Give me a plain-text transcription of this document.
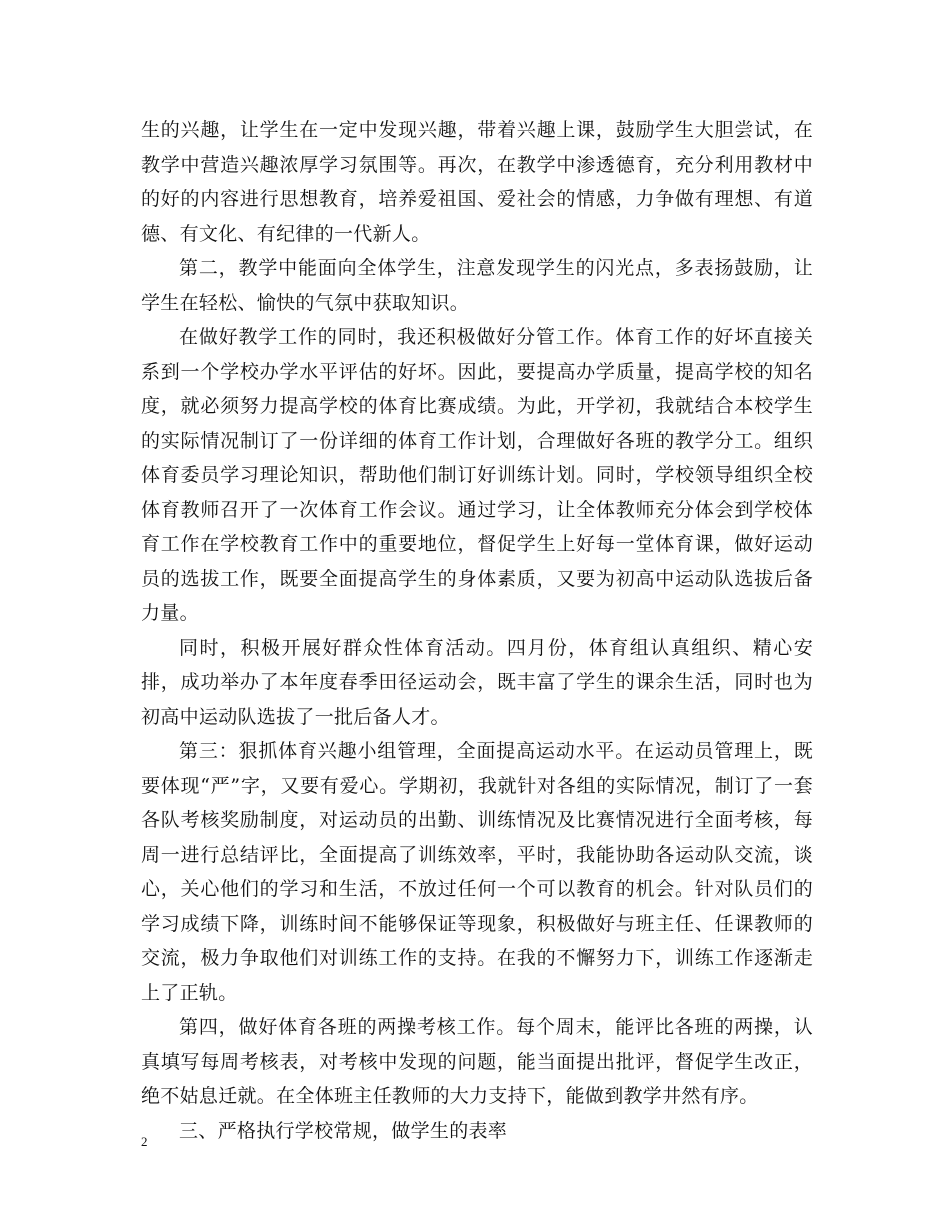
生的兴趣，让学生在一定中发现兴趣，带着兴趣上课，鼓励学生大胆尝试，在教学中营造兴趣浓厚学习氛围等。再次，在教学中渗透德育，充分利用教材中的好的内容进行思想教育，培养爱祖国、爱社会的情感，力争做有理想、有道德、有文化、有纪律的一代新人。

第二，教学中能面向全体学生，注意发现学生的闪光点，多表扬鼓励，让学生在轻松、愉快的气氛中获取知识。

在做好教学工作的同时，我还积极做好分管工作。体育工作的好坏直接关系到一个学校办学水平评估的好坏。因此，要提高办学质量，提高学校的知名度，就必须努力提高学校的体育比赛成绩。为此，开学初，我就结合本校学生的实际情况制订了一份详细的体育工作计划，合理做好各班的教学分工。组织体育委员学习理论知识，帮助他们制订好训练计划。同时，学校领导组织全校体育教师召开了一次体育工作会议。通过学习，让全体教师充分体会到学校体育工作在学校教育工作中的重要地位，督促学生上好每一堂体育课，做好运动员的选拔工作，既要全面提高学生的身体素质，又要为初高中运动队选拔后备力量。

同时，积极开展好群众性体育活动。四月份，体育组认真组织、精心安排，成功举办了本年度春季田径运动会，既丰富了学生的课余生活，同时也为初高中运动队选拔了一批后备人才。

第三：狠抓体育兴趣小组管理，全面提高运动水平。在运动员管理上，既要体现“严”字，又要有爱心。学期初，我就针对各组的实际情况，制订了一套各队考核奖励制度，对运动员的出勤、训练情况及比赛情况进行全面考核，每周一进行总结评比，全面提高了训练效率，平时，我能协助各运动队交流，谈心，关心他们的学习和生活，不放过任何一个可以教育的机会。针对队员们的学习成绩下降，训练时间不能够保证等现象，积极做好与班主任、任课教师的交流，极力争取他们对训练工作的支持。在我的不懈努力下，训练工作逐渐走上了正轨。

第四，做好体育各班的两操考核工作。每个周末，能评比各班的两操，认真填写每周考核表，对考核中发现的问题，能当面提出批评，督促学生改正，绝不姑息迁就。在全体班主任教师的大力支持下，能做到教学井然有序。

三、严格执行学校常规，做学生的表率

2
